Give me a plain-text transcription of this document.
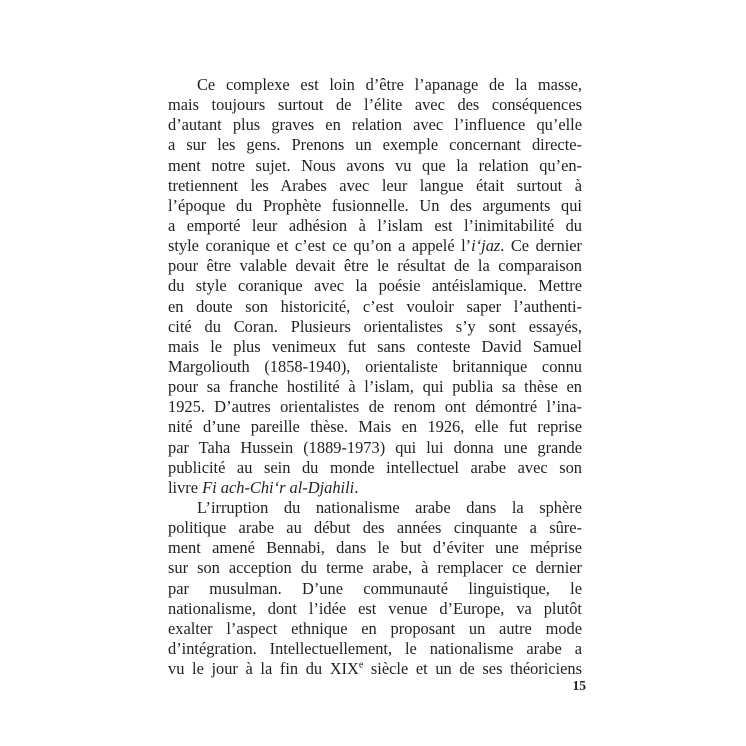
Ce complexe est loin d’être l’apanage de la masse,
mais toujours surtout de l’élite avec des conséquences
d’autant plus graves en relation avec l’influence qu’elle
a sur les gens. Prenons un exemple concernant directe-
ment notre sujet. Nous avons vu que la relation qu’en-
tretiennent les Arabes avec leur langue était surtout à
l’époque du Prophète fusionnelle. Un des arguments qui
a emporté leur adhésion à l’islam est l’inimitabilité du
style coranique et c’est ce qu’on a appelé l’i‘jaz. Ce dernier
pour être valable devait être le résultat de la comparaison
du style coranique avec la poésie antéislamique. Mettre
en doute son historicité, c’est vouloir saper l’authenti-
cité du Coran. Plusieurs orientalistes s’y sont essayés,
mais le plus venimeux fut sans conteste David Samuel
Margoliouth (1858-1940), orientaliste britannique connu
pour sa franche hostilité à l’islam, qui publia sa thèse en
1925. D’autres orientalistes de renom ont démontré l’ina-
nité d’une pareille thèse. Mais en 1926, elle fut reprise
par Taha Hussein (1889-1973) qui lui donna une grande
publicité au sein du monde intellectuel arabe avec son
livre Fi ach-Chi‘r al-Djahili.
L’irruption du nationalisme arabe dans la sphère
politique arabe au début des années cinquante a sûre-
ment amené Bennabi, dans le but d’éviter une méprise
sur son acception du terme arabe, à remplacer ce dernier
par musulman. D’une communauté linguistique, le
nationalisme, dont l’idée est venue d’Europe, va plutôt
exalter l’aspect ethnique en proposant un autre mode
d’intégration. Intellectuellement, le nationalisme arabe a
vu le jour à la fin du XIXe siècle et un de ses théoriciens
15
